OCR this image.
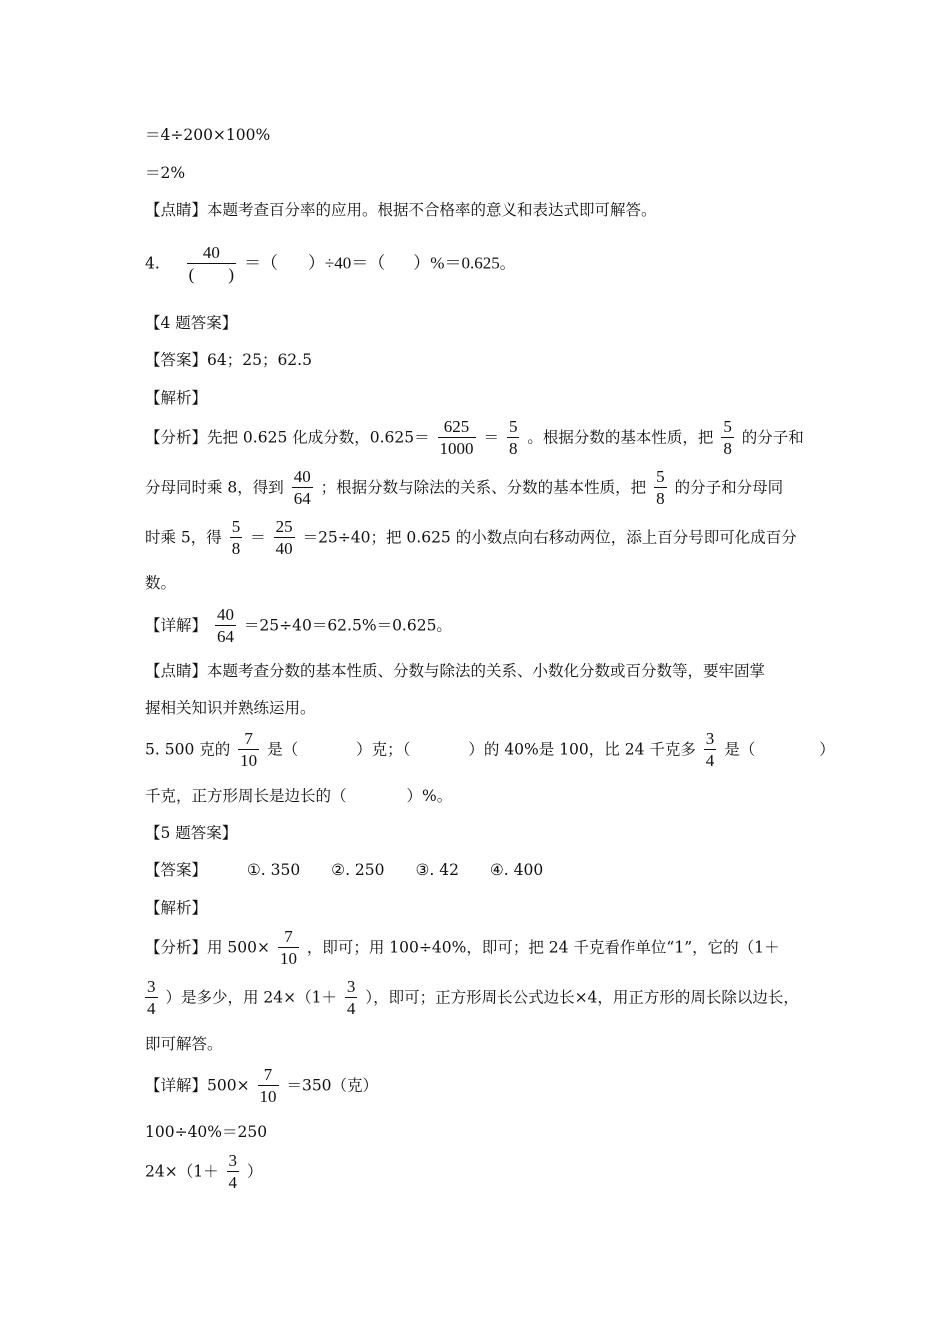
＝4÷200×100%
＝2%
【点睛】本题考查百分率的应用。根据不合格率的意义和表达式即可解答。
4.
40
(　　)
＝（ ）÷40＝（ ）%＝0.625。
【4 题答案】
【答案】64；25；62.5
【解析】
【分析】先把 0.625 化成分数，$0.625= \frac{625}{1000} = \frac{5}{8}$ 。根据分数的基本性质，把 $\frac{5}{8}$ 的分子和
分母同时乘 8，得到 $\frac{40}{64}$ ；根据分数与除法的关系、分数的基本性质，把 $\frac{5}{8}$ 的分子和分母同
时乘 5，得 $\frac{5}{8} = \frac{25}{40} =25\div 40$；把 0.625 的小数点向右移动两位，添上百分号即可化成百分
数。
【详解】 $\frac{40}{64} =25\div 40=62.5\%=0.625$。
【点睛】本题考查分数的基本性质、分数与除法的关系、小数化分数或百分数等，要牢固掌
握相关知识并熟练运用。
5. 500 克的 $\frac{7}{10}$ 是（	）克；（	）的 40%是 100，比 24 千克多 $\frac{3}{4}$ 是（	）
千克，正方形周长是边长的（	）%。
【5 题答案】
【答案】	①. 350 ②. 250 ③. 42 ④. 400
【解析】
【分析】用 $500\times \frac{7}{10}$ ，即可；用 100÷40%，即可；把 24 千克看作单位“1”，它的（1＋
$\frac{3}{4}$ ）是多少，用 $24\times(1+ \frac{3}{4}$ ），即可；正方形周长公式边长×4，用正方形的周长除以边长，
即可解答。
【详解】$500\times \frac{7}{10} =350$（克）
100÷40%＝250
$24\times(1+ \frac{3}{4}$ ）
